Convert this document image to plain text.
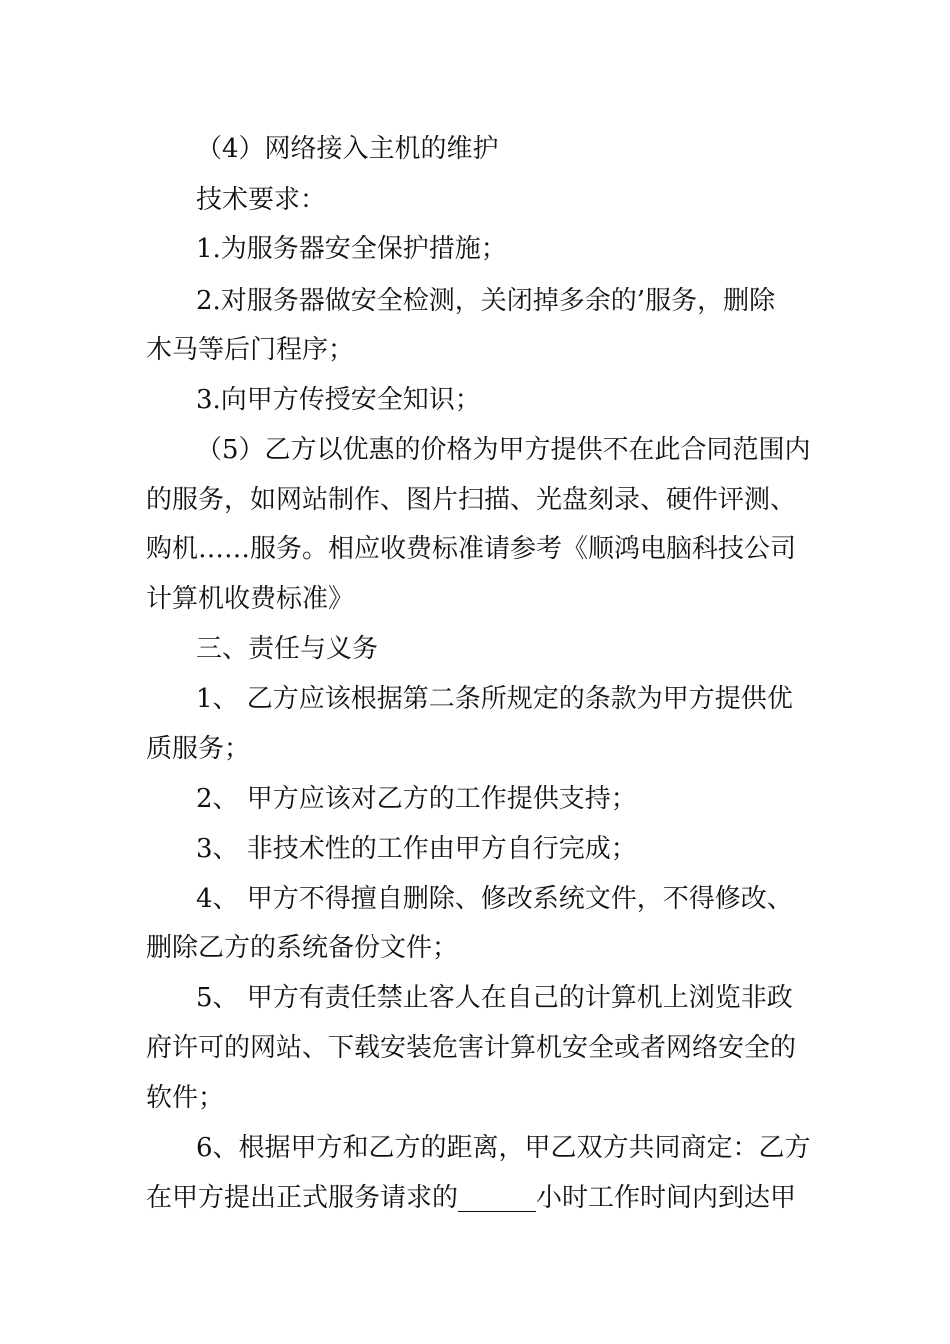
（4）网络接入主机的维护
技术要求：
1.为服务器安全保护措施；
2.对服务器做安全检测，关闭掉多余的’服务，删除
木马等后门程序；
3.向甲方传授安全知识；
（5）乙方以优惠的价格为甲方提供不在此合同范围内
的服务，如网站制作、图片扫描、光盘刻录、硬件评测、
购机……服务。相应收费标准请参考《顺鸿电脑科技公司
计算机收费标准》
三、责任与义务
1、 乙方应该根据第二条所规定的条款为甲方提供优
质服务；
2、 甲方应该对乙方的工作提供支持；
3、 非技术性的工作由甲方自行完成；
4、 甲方不得擅自删除、修改系统文件，不得修改、
删除乙方的系统备份文件；
5、 甲方有责任禁止客人在自己的计算机上浏览非政
府许可的网站、下载安装危害计算机安全或者网络安全的
软件；
6、根据甲方和乙方的距离，甲乙双方共同商定：乙方
在甲方提出正式服务请求的______小时工作时间内到达甲
